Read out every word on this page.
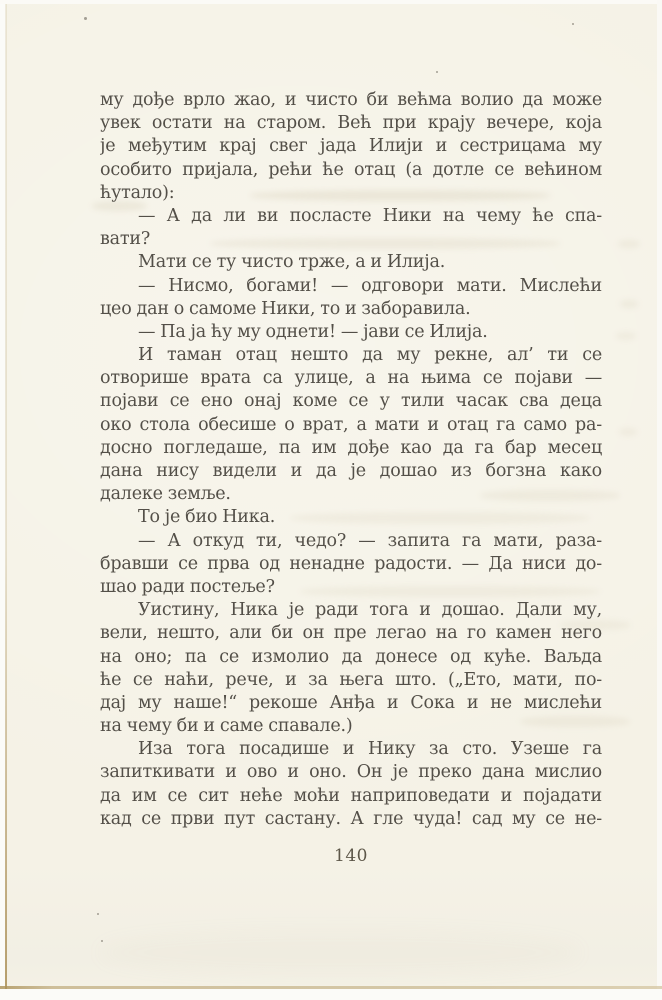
му дође врло жао, и чисто би већма волио да може
увек остати на старом. Већ при крају вечере, која
је међутим крај свег јада Илији и сестрицама му
особито пријала, рећи ће отац (а дотле се већином
ћутало):
— А да ли ви посласте Ники на чему ће спа-
вати?
Мати се ту чисто трже, а и Илија.
— Нисмо, богами! — одговори мати. Мислећи
цео дан о самоме Ники, то и заборавила.
— Па ја ћу му однети! — јави се Илија.
И таман отац нешто да му рекне, ал’ ти се
отворише врата са улице, а на њима се појави —
појави се ено онај коме се у тили часак сва деца
око стола обесише о врат, а мати и отац га само ра-
досно погледаше, па им дође као да га бар месец
дана нису видели и да је дошао из богзна како
далеке земље.
То је био Ника.
— А откуд ти, чедо? — запита га мати, раза-
бравши се прва од ненадне радости. — Да ниси до-
шао ради постеље?
Уистину, Ника је ради тога и дошао. Дали му,
вели, нешто, али би он пре легао на го камен него
на оно; па се измолио да донесе од куће. Ваљда
ће се наћи, рече, и за њега што. („Ето, мати, по-
дај му наше!“ рекоше Анђа и Сока и не мислећи
на чему би и саме спавале.)
Иза тога посадише и Нику за сто. Узеше га
запиткивати и ово и оно. Он је преко дана мислио
да им се сит неће моћи наприповедати и појадати
кад се први пут састану. А гле чуда! сад му се не-
140
